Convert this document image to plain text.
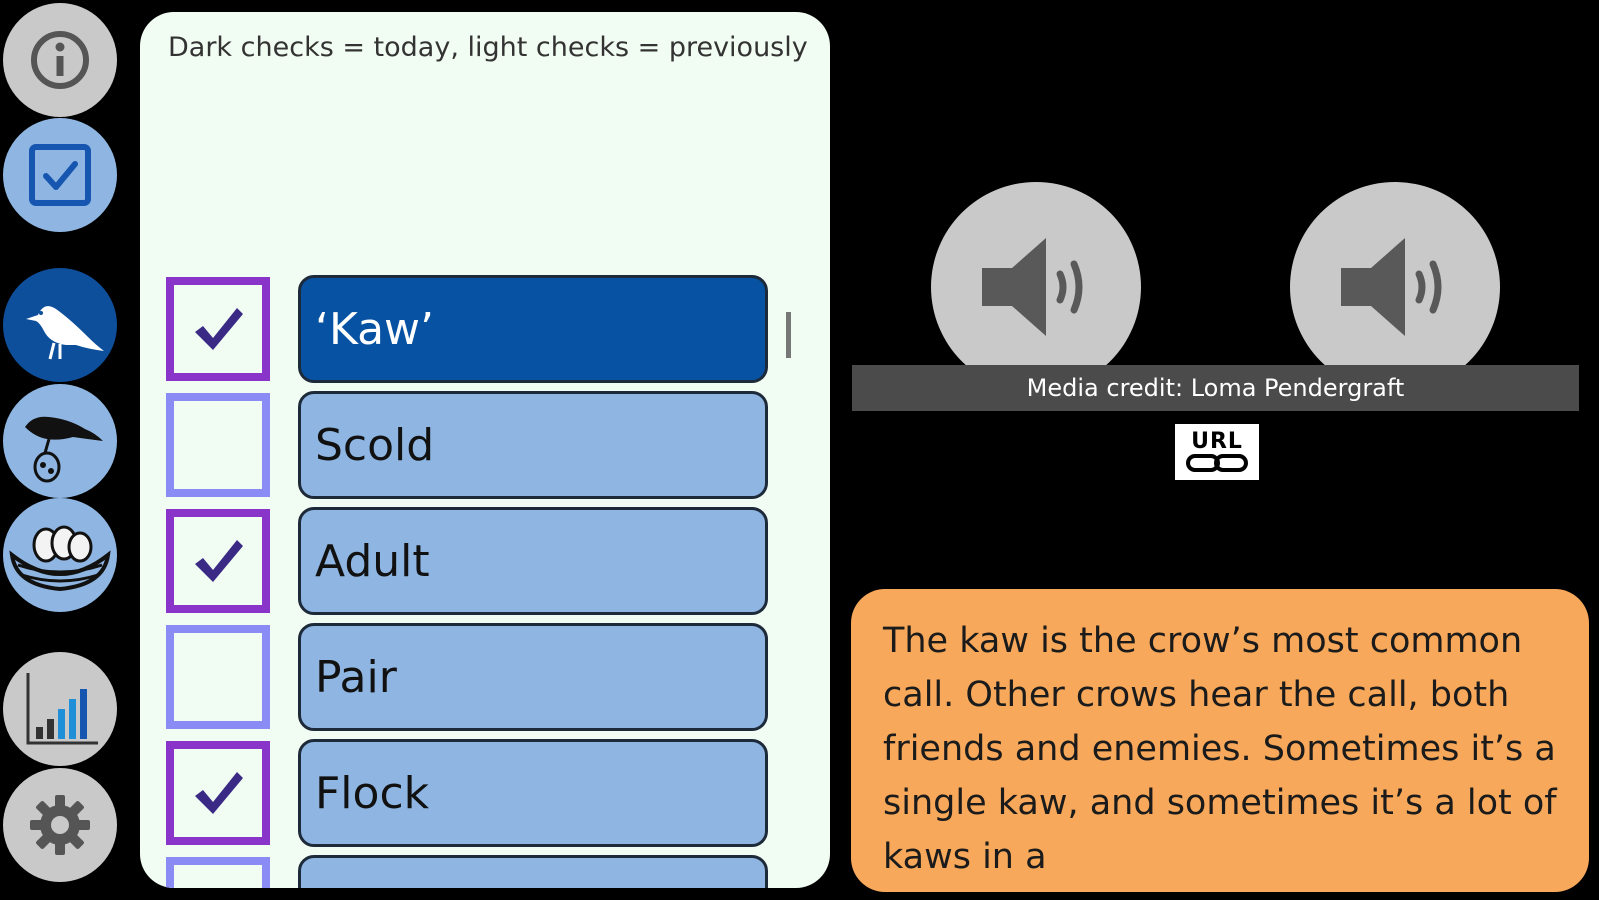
Dark checks = today, light checks = previously
‘Kaw’
Scold
Adult
Pair
Flock
Media credit: Loma Pendergraft
URL
The kaw is the crow’s most common call. Other crows hear the call, both friends and enemies. Sometimes it’s a single kaw, and sometimes it’s a lot of kaws in a
